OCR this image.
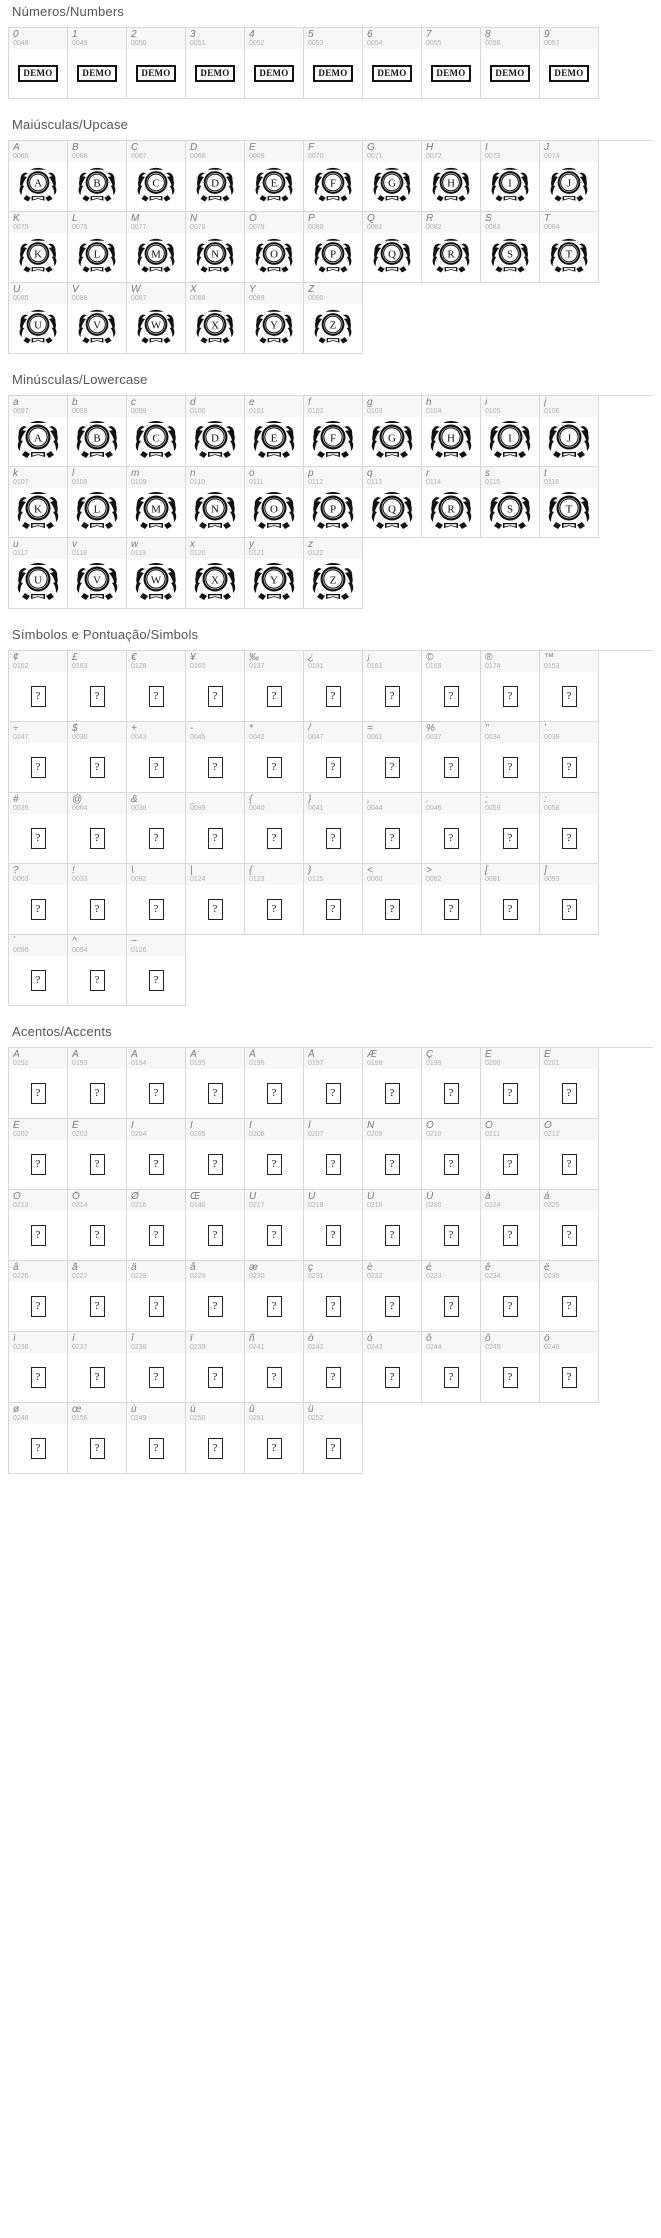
Números/Numbers
0
0048
DEMO
1
0049
DEMO
2
0050
DEMO
3
0051
DEMO
4
0052
DEMO
5
0053
DEMO
6
0054
DEMO
7
0055
DEMO
8
0056
DEMO
9
0057
DEMO
Maiúsculas/Upcase
A
0065
A
B
0066
B
C
0067
C
D
0068
D
E
0069
E
F
0070
F
G
0071
G
H
0072
H
I
0073
I
J
0074
J
K
0075
K
L
0076
L
M
0077
M
N
0078
N
O
0079
O
P
0080
P
Q
0081
Q
R
0082
R
S
0083
S
T
0084
T
U
0085
U
V
0086
V
W
0087
W
X
0088
X
Y
0089
Y
Z
0090
Z
Minúsculas/Lowercase
a
0097
A
b
0098
B
c
0099
C
d
0100
D
e
0101
E
f
0102
F
g
0103
G
h
0104
H
i
0105
I
j
0106
J
k
0107
K
l
0108
L
m
0109
M
n
0110
N
o
0111
O
p
0112
P
q
0113
Q
r
0114
R
s
0115
S
t
0116
T
u
0117
U
v
0118
V
w
0119
W
x
0120
X
y
0121
Y
z
0122
Z
Símbolos e Pontuação/Simbols
¢
0162
?
£
0163
?
€
0128
?
¥
0165
?
‰
0137
?
¿
0191
?
¡
0161
?
©
0169
?
®
0174
?
™
0153
?
÷
0247
?
$
0036
?
+
0043
?
-
0045
?
*
0042
?
/
0047
?
=
0061
?
%
0037
?
"
0034
?
'
0039
?
#
0035
?
@
0064
?
&
0038
?
_
0095
?
{
0040
?
}
0041
?
,
0044
?
.
0046
?
;
0059
?
:
0058
?
?
0063
?
!
0033
?
\
0092
?
|
0124
?
{
0123
?
}
0125
?
<
0060
?
>
0062
?
[
0091
?
]
0093
?
`
0096
?
^
0094
?
~
0126
?
Acentos/Accents
À
0192
?
Á
0193
?
Â
0194
?
Ã
0195
?
Ä
0196
?
Å
0197
?
Æ
0198
?
Ç
0199
?
È
0200
?
É
0201
?
Ê
0202
?
Ë
0203
?
Ì
0204
?
Í
0205
?
Î
0206
?
Ï
0207
?
Ñ
0209
?
Ò
0210
?
Ó
0211
?
Ô
0212
?
Õ
0213
?
Ö
0214
?
Ø
0216
?
Œ
0140
?
Ù
0217
?
Ú
0218
?
Û
0219
?
Ü
0220
?
à
0224
?
á
0225
?
â
0226
?
ã
0227
?
ä
0228
?
å
0229
?
æ
0230
?
ç
0231
?
è
0232
?
é
0233
?
ê
0234
?
ë
0235
?
ì
0236
?
í
0237
?
î
0238
?
ï
0239
?
ñ
0241
?
ò
0242
?
ó
0243
?
ô
0244
?
õ
0245
?
ö
0246
?
ø
0248
?
œ
0156
?
ù
0249
?
ú
0250
?
û
0251
?
ü
0252
?
